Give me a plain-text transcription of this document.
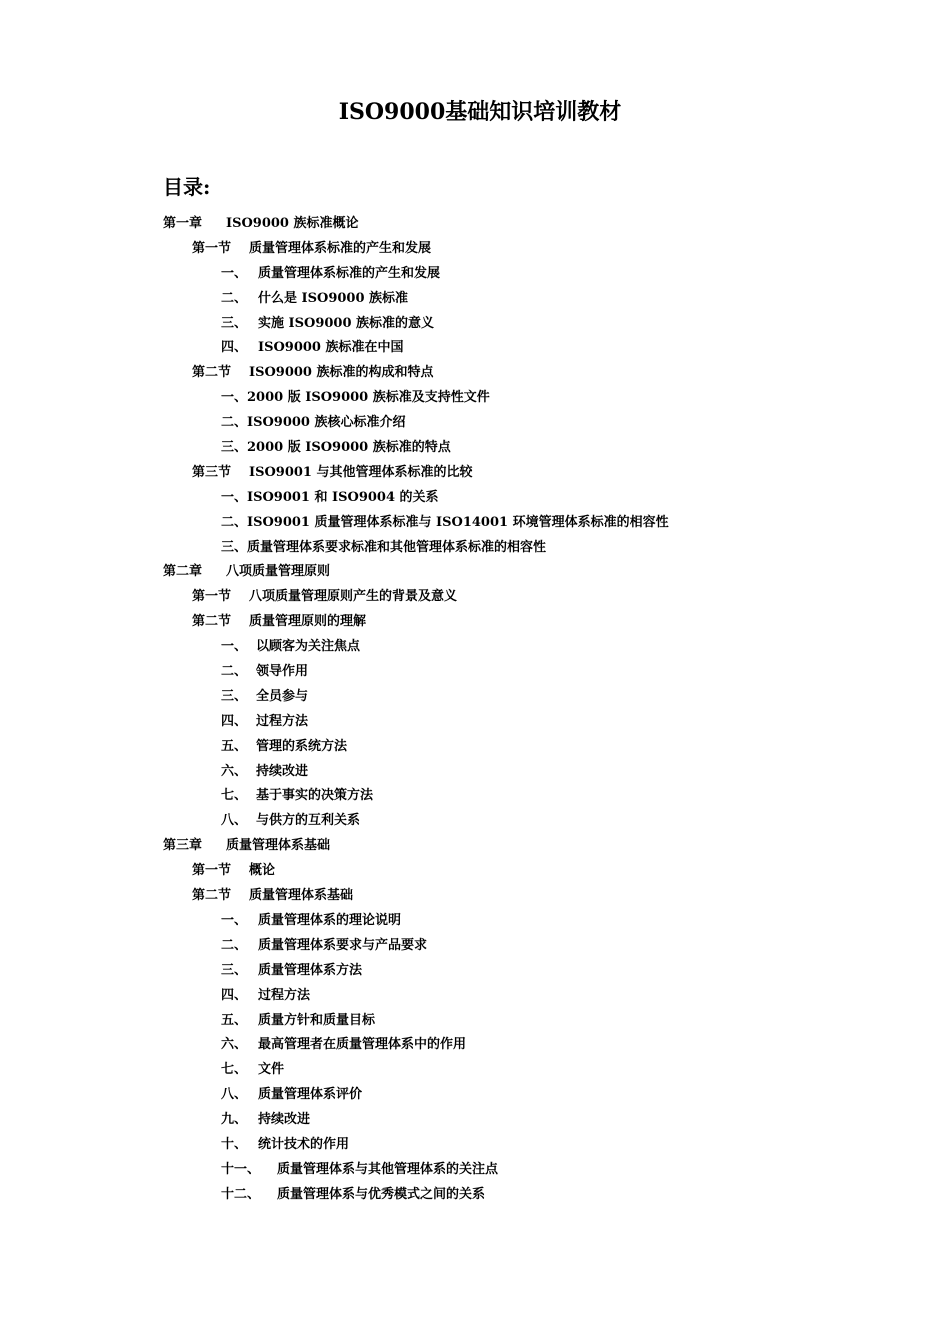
ISO9000基础知识培训教材
目录:
第一章 ISO9000 族标准概论
第一节 质量管理体系标准的产生和发展
一、 质量管理体系标准的产生和发展
二、 什么是 ISO9000 族标准
三、 实施 ISO9000 族标准的意义
四、 ISO9000 族标准在中国
第二节 ISO9000 族标准的构成和特点
一、2000 版 ISO9000 族标准及支持性文件
二、ISO9000 族核心标准介绍
三、2000 版 ISO9000 族标准的特点
第三节 ISO9001 与其他管理体系标准的比较
一、ISO9001 和 ISO9004 的关系
二、ISO9001 质量管理体系标准与 ISO14001 环境管理体系标准的相容性
三、质量管理体系要求标准和其他管理体系标准的相容性
第二章 八项质量管理原则
第一节 八项质量管理原则产生的背景及意义
第二节 质量管理原则的理解
一、 以顾客为关注焦点
二、 领导作用
三、 全员参与
四、 过程方法
五、 管理的系统方法
六、 持续改进
七、 基于事实的决策方法
八、 与供方的互利关系
第三章 质量管理体系基础
第一节 概论
第二节 质量管理体系基础
一、 质量管理体系的理论说明
二、 质量管理体系要求与产品要求
三、 质量管理体系方法
四、 过程方法
五、 质量方针和质量目标
六、 最高管理者在质量管理体系中的作用
七、 文件
八、 质量管理体系评价
九、 持续改进
十、 统计技术的作用
十一、 质量管理体系与其他管理体系的关注点
十二、 质量管理体系与优秀模式之间的关系
